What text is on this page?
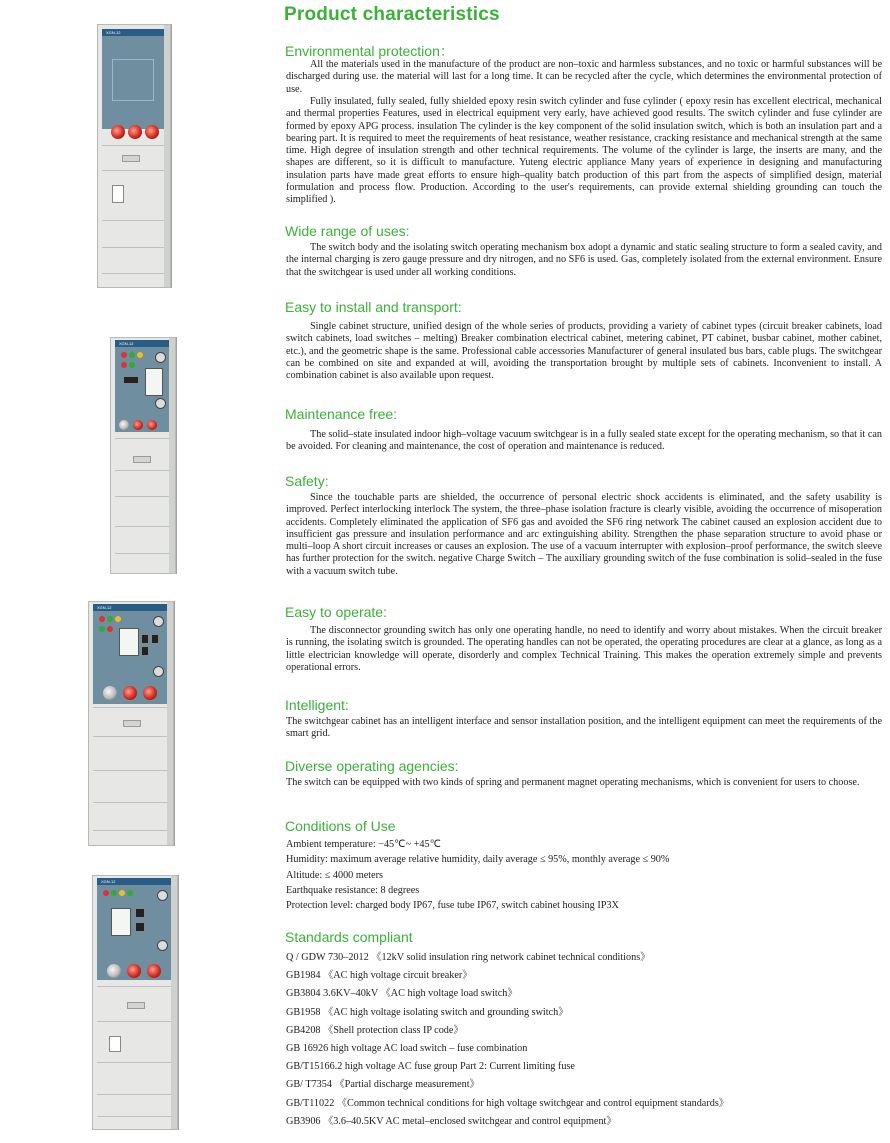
XGN-12
XGN-12
XGN-12
XGN-12
Product characteristics
Environmental protection：
All the materials used in the manufacture of the product are non–toxic and harmless substances, and no toxic or harmful substances will be discharged during use. the material will last for a long time. It can be recycled after the cycle, which determines the environmental protection of use.
Fully insulated, fully sealed, fully shielded epoxy resin switch cylinder and fuse cylinder ( epoxy resin has excellent electrical, mechanical and thermal properties Features, used in electrical equipment very early, have achieved good results. The switch cylinder and fuse cylinder are formed by epoxy APG process. insulation The cylinder is the key component of the solid insulation switch, which is both an insulation part and a bearing part. It is required to meet the requirements of heat resistance, weather resistance, cracking resistance and mechanical strength at the same time. High degree of insulation strength and other technical requirements. The volume of the cylinder is large, the inserts are many, and the shapes are different, so it is difficult to manufacture. Yuteng electric appliance Many years of experience in designing and manufacturing insulation parts have made great efforts to ensure high–quality batch production of this part from the aspects of simplified design, material formulation and process flow. Production. According to the user's requirements, can provide external shielding grounding can touch the simplified ).
Wide range of uses:
The switch body and the isolating switch operating mechanism box adopt a dynamic and static sealing structure to form a sealed cavity, and the internal charging is zero gauge pressure and dry nitrogen, and no SF6 is used. Gas, completely isolated from the external environment. Ensure that the switchgear is used under all working conditions.
Easy to install and transport:
Single cabinet structure, unified design of the whole series of products, providing a variety of cabinet types (circuit breaker cabinets, load switch cabinets, load switches – melting) Breaker combination electrical cabinet, metering cabinet, PT cabinet, busbar cabinet, mother cabinet, etc.), and the geometric shape is the same. Professional cable accessories Manufacturer of general insulated bus bars, cable plugs. The switchgear can be combined on site and expanded at will, avoiding the transportation brought by multiple sets of cabinets. Inconvenient to install. A combination cabinet is also available upon request.
Maintenance free:
The solid–state insulated indoor high–voltage vacuum switchgear is in a fully sealed state except for the operating mechanism, so that it can be avoided. For cleaning and maintenance, the cost of operation and maintenance is reduced.
Safety:
Since the touchable parts are shielded, the occurrence of personal electric shock accidents is eliminated, and the safety usability is improved. Perfect interlocking interlock The system, the three–phase isolation fracture is clearly visible, avoiding the occurrence of misoperation accidents. Completely eliminated the application of SF6 gas and avoided the SF6 ring network The cabinet caused an explosion accident due to insufficient gas pressure and insulation performance and arc extinguishing ability. Strengthen the phase separation structure to avoid phase or multi–loop A short circuit increases or causes an explosion. The use of a vacuum interrupter with explosion–proof performance, the switch sleeve has further protection for the switch. negative Charge Switch – The auxiliary grounding switch of the fuse combination is solid–sealed in the fuse with a vacuum switch tube.
Easy to operate:
The disconnector grounding switch has only one operating handle, no need to identify and worry about mistakes. When the circuit breaker is running, the isolating switch is grounded. The operating handles can not be operated, the operating procedures are clear at a glance, as long as a little electrician knowledge will operate, disorderly and complex Technical Training. This makes the operation extremely simple and prevents operational errors.
Intelligent:
The switchgear cabinet has an intelligent interface and sensor installation position, and the intelligent equipment can meet the requirements of the smart grid.
Diverse operating agencies:
The switch can be equipped with two kinds of spring and permanent magnet operating mechanisms, which is convenient for users to choose.
Conditions of Use
Ambient temperature: −45℃~ +45℃
Humidity: maximum average relative humidity, daily average ≤ 95%, monthly average ≤ 90%
Altitude: ≤ 4000 meters
Earthquake resistance: 8 degrees
Protection level: charged body IP67, fuse tube IP67, switch cabinet housing IP3X
Standards compliant
Q / GDW 730–2012 《12kV solid insulation ring network cabinet technical conditions》
GB1984 《AC high voltage circuit breaker》
GB3804 3.6KV–40kV 《AC high voltage load switch》
GB1958 《AC high voltage isolating switch and grounding switch》
GB4208 《Shell protection class IP code》
GB 16926 high voltage AC load switch – fuse combination
GB/T15166.2 high voltage AC fuse group Part 2: Current limiting fuse
GB/ T7354 《Partial discharge measurement》
GB/T11022 《Common technical conditions for high voltage switchgear and control equipment standards》
GB3906 《3.6–40.5KV AC metal–enclosed switchgear and control equipment》
